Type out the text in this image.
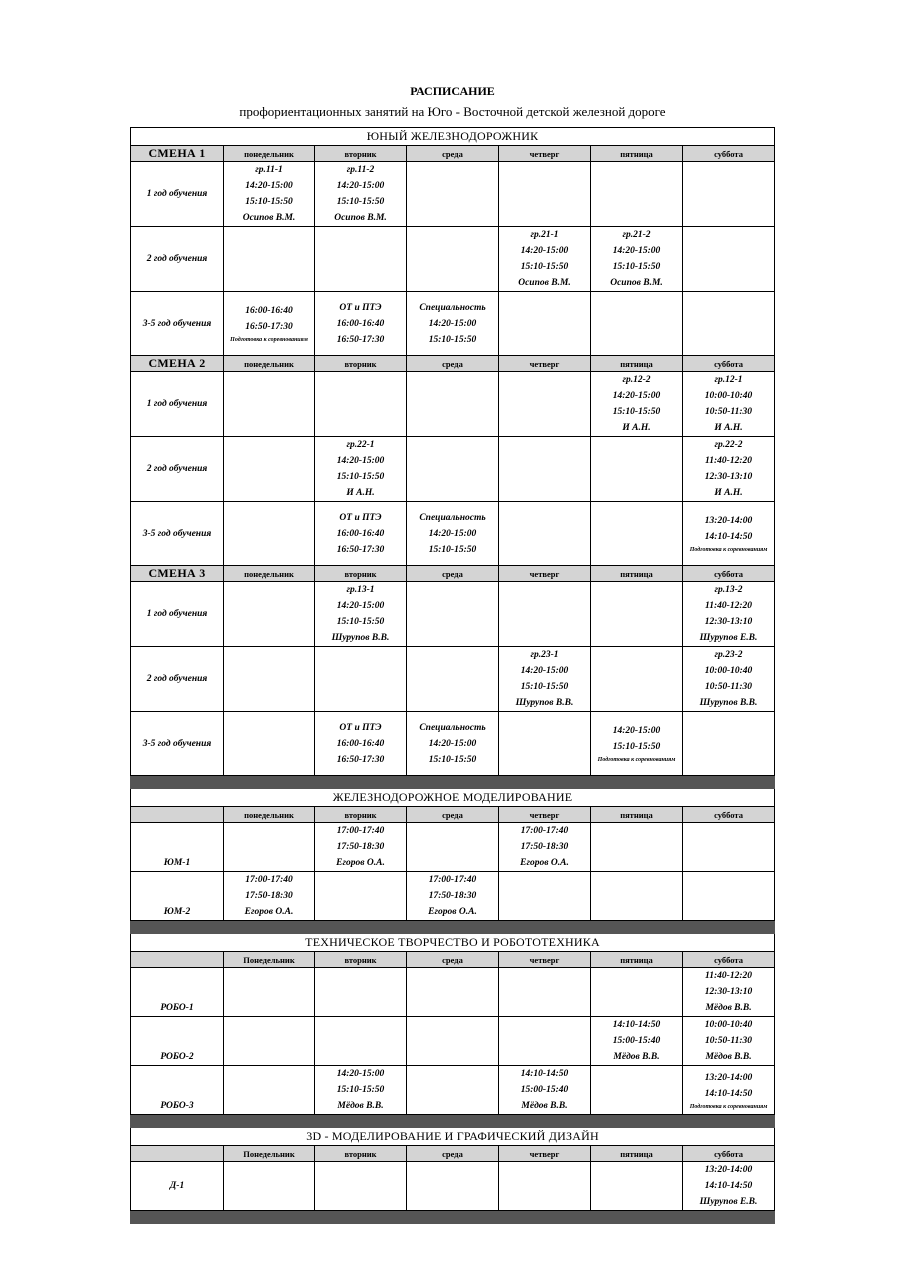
РАСПИСАНИЕ
профориентационных занятий на Юго - Восточной детской железной дороге
ЮНЫЙ ЖЕЛЕЗНОДОРОЖНИК						
СМЕНА 1	понедельник	вторник	среда	четверг	пятница	суббота
1 год обучения	гр.11-1
14:20-15:00
15:10-15:50
Осипов В.М.	гр.11-2
14:20-15:00
15:10-15:50
Осипов В.М.				

2 год обучения				гр.21-1
14:20-15:00
15:10-15:50
Осипов В.М.	гр.21-2
14:20-15:00
15:10-15:50
Осипов В.М.	

3-5 год обучения	16:00-16:40
16:50-17:30
Подготовка к соревнованиям	ОТ и ПТЭ
16:00-16:40
16:50-17:30	Специальность
14:20-15:00
15:10-15:50			

СМЕНА 2	понедельник	вторник	среда	четверг	пятница	суббота
1 год обучения					гр.12-2
14:20-15:00
15:10-15:50
И А.Н.	гр.12-1
10:00-10:40
10:50-11:30
И А.Н.

2 год обучения		гр.22-1
14:20-15:00
15:10-15:50
И А.Н.				гр.22-2
11:40-12:20
12:30-13:10
И А.Н.

3-5 год обучения		ОТ и ПТЭ
16:00-16:40
16:50-17:30	Специальность
14:20-15:00
15:10-15:50			13:20-14:00
14:10-14:50
Подготовка к соревнованиям

СМЕНА 3	понедельник	вторник	среда	четверг	пятница	суббота
1 год обучения		гр.13-1
14:20-15:00
15:10-15:50
Шурупов В.В.				гр.13-2
11:40-12:20
12:30-13:10
Шурупов Е.В.

2 год обучения				гр.23-1
14:20-15:00
15:10-15:50
Шурупов В.В.		гр.23-2
10:00-10:40
10:50-11:30
Шурупов В.В.

3-5 год обучения		ОТ и ПТЭ
16:00-16:40
16:50-17:30	Специальность
14:20-15:00
15:10-15:50		14:20-15:00
15:10-15:50
Подготовка к соревнованиям	

ЖЕЛЕЗНОДОРОЖНОЕ МОДЕЛИРОВАНИЕ						
	понедельник	вторник	среда	четверг	пятница	суббота
ЮМ-1		17:00-17:40
17:50-18:30
Егоров О.А.		17:00-17:40
17:50-18:30
Егоров О.А.		

ЮМ-2	17:00-17:40
17:50-18:30
Егоров О.А.		17:00-17:40
17:50-18:30
Егоров О.А.			

ТЕХНИЧЕСКОЕ ТВОРЧЕСТВО И РОБОТОТЕХНИКА						
	Понедельник	вторник	среда	четверг	пятница	суббота
РОБО-1						11:40-12:20
12:30-13:10
Мёдов В.В.

РОБО-2					14:10-14:50
15:00-15:40
Мёдов В.В.	10:00-10:40
10:50-11:30
Мёдов В.В.

РОБО-3		14:20-15:00
15:10-15:50
Мёдов В.В.		14:10-14:50
15:00-15:40
Мёдов В.В.		13:20-14:00
14:10-14:50
Подготовка к соревнованиям

3D - МОДЕЛИРОВАНИЕ И ГРАФИЧЕСКИЙ ДИЗАЙН						
	Понедельник	вторник	среда	четверг	пятница	суббота
Д-1						13:20-14:00
14:10-14:50
Шурупов Е.В.
